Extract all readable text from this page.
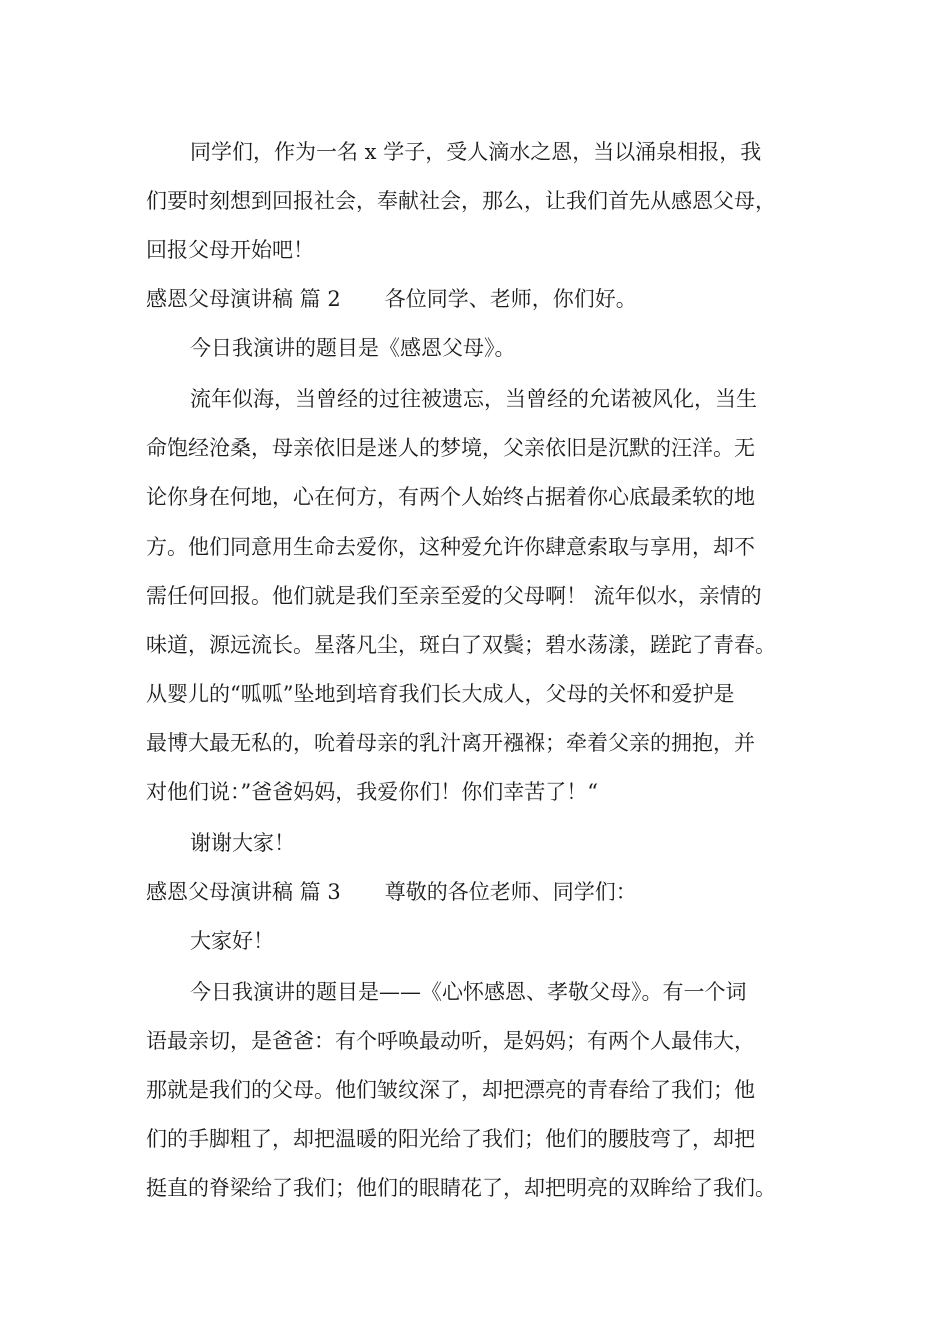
同学们，作为一名 x 学子，受人滴水之恩，当以涌泉相报，我
们要时刻想到回报社会，奉献社会，那么，让我们首先从感恩父母，
回报父母开始吧！
感恩父母演讲稿 篇 2 各位同学、老师，你们好。
今日我演讲的题目是《感恩父母》。
流年似海，当曾经的过往被遗忘，当曾经的允诺被风化，当生
命饱经沧桑，母亲依旧是迷人的梦境，父亲依旧是沉默的汪洋。无
论你身在何地，心在何方，有两个人始终占据着你心底最柔软的地
方。他们同意用生命去爱你，这种爱允许你肆意索取与享用，却不
需任何回报。他们就是我们至亲至爱的父母啊！ 流年似水，亲情的
味道，源远流长。星落凡尘，斑白了双鬓；碧水荡漾，蹉跎了青春。
从婴儿的“呱呱”坠地到培育我们长大成人，父母的关怀和爱护是
最博大最无私的，吮着母亲的乳汁离开襁褓；牵着父亲的拥抱，并
对他们说：”爸爸妈妈，我爱你们！你们幸苦了！“
谢谢大家！
感恩父母演讲稿 篇 3 尊敬的各位老师、同学们：
大家好！
今日我演讲的题目是——《心怀感恩、孝敬父母》。有一个词
语最亲切，是爸爸：有个呼唤最动听，是妈妈；有两个人最伟大，
那就是我们的父母。他们皱纹深了，却把漂亮的青春给了我们；他
们的手脚粗了，却把温暖的阳光给了我们；他们的腰肢弯了，却把
挺直的脊梁给了我们；他们的眼睛花了，却把明亮的双眸给了我们。
